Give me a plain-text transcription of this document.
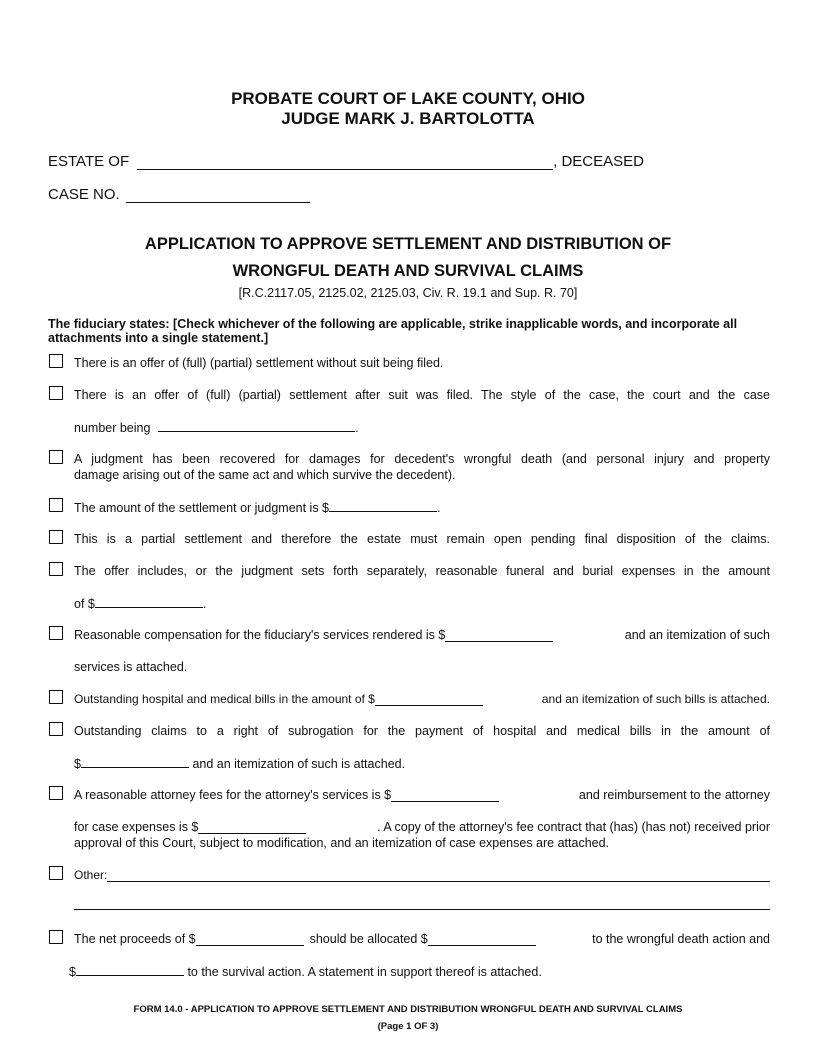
PROBATE COURT OF LAKE COUNTY, OHIO
JUDGE MARK J. BARTOLOTTA
ESTATE OF	, DECEASED
CASE NO.
APPLICATION TO APPROVE SETTLEMENT AND DISTRIBUTION OF
WRONGFUL DEATH AND SURVIVAL CLAIMS
[R.C.2117.05, 2125.02, 2125.03, Civ. R. 19.1 and Sup. R. 70]
The fiduciary states: [Check whichever of the following are applicable, strike inapplicable words, and incorporate all attachments into a single statement.]
There is an offer of (full) (partial) settlement without suit being filed.
There is an offer of (full) (partial) settlement after suit was filed. The style of the case, the court and the case
number being	.
A judgment has been recovered for damages for decedent's wrongful death (and personal injury and property
damage arising out of the same act and which survive the decedent).
The amount of the settlement or judgment is $	.
This is a partial settlement and therefore the estate must remain open pending final disposition of the claims.
The offer includes, or the judgment sets forth separately, reasonable funeral and burial expenses in the amount
of $	.
Reasonable compensation for the fiduciary's services rendered is $	and an itemization of such
services is attached.
Outstanding hospital and medical bills in the amount of $	and an itemization of such bills is attached.
Outstanding claims to a right of subrogation for the payment of hospital and medical bills in the amount of
$	and an itemization of such is attached.
A reasonable attorney fees for the attorney's services is $	and reimbursement to the attorney
for case expenses is $	. A copy of the attorney's fee contract that (has) (has not) received prior
approval of this Court, subject to modification, and an itemization of case expenses are attached.
Other:
The net proceeds of $	should be allocated $	to the wrongful death action and
$	to the survival action. A statement in support thereof is attached.
FORM 14.0 - APPLICATION TO APPROVE SETTLEMENT AND DISTRIBUTION WRONGFUL DEATH AND SURVIVAL CLAIMS
(Page 1 OF 3)
